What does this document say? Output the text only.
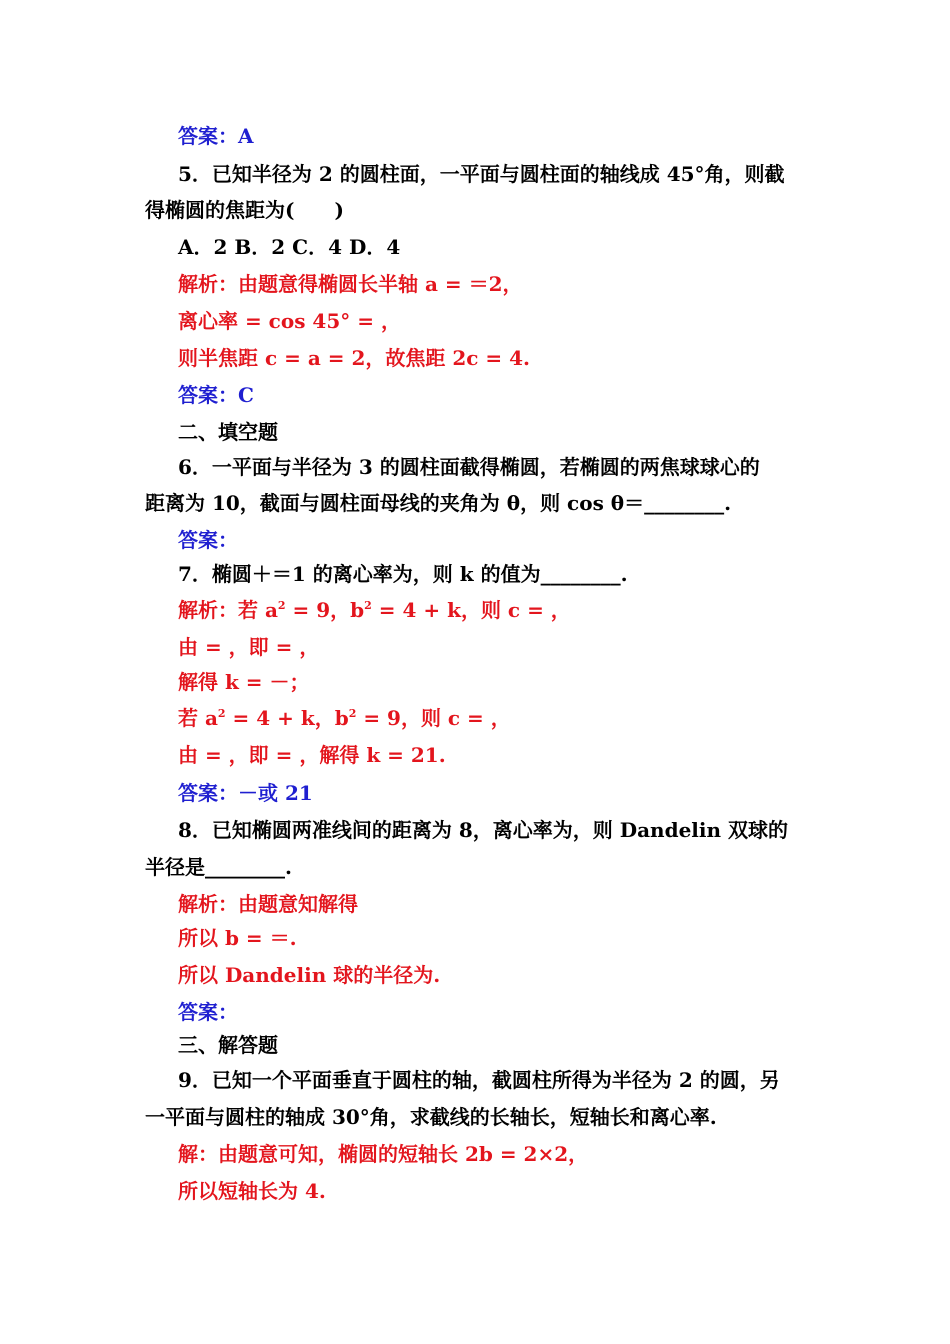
答案：A
5．已知半径为 2 的圆柱面，一平面与圆柱面的轴线成 45°角，则截
得椭圆的焦距为(　　)
A．2 B．2 C．4 D．4
解析：由题意得椭圆长半轴 a = ＝2，
离心率 = cos 45° = ，
则半焦距 c = a = 2，故焦距 2c = 4.
答案：C
二、填空题
6．一平面与半径为 3 的圆柱面截得椭圆，若椭圆的两焦球球心的
距离为 10，截面与圆柱面母线的夹角为 θ，则 cos θ＝________.
答案：
7．椭圆＋＝1 的离心率为，则 k 的值为________.
解析：若 $a^2 = 9$，$b^2 = 4 + k$，则 c = ，
由 = ，即 = ，
解得 k = －；
若 $a^2 = 4 + k$，$b^2 = 9$，则 c = ，
由 = ，即 = ，解得 k = 21.
答案：－或 21
8．已知椭圆两准线间的距离为 8，离心率为，则 Dandelin 双球的
半径是________.
解析：由题意知解得
所以 b = ＝.
所以 Dandelin 球的半径为.
答案：
三、解答题
9．已知一个平面垂直于圆柱的轴，截圆柱所得为半径为 2 的圆，另
一平面与圆柱的轴成 30°角，求截线的长轴长，短轴长和离心率.
解：由题意可知，椭圆的短轴长 2b = 2×2，
所以短轴长为 4.
